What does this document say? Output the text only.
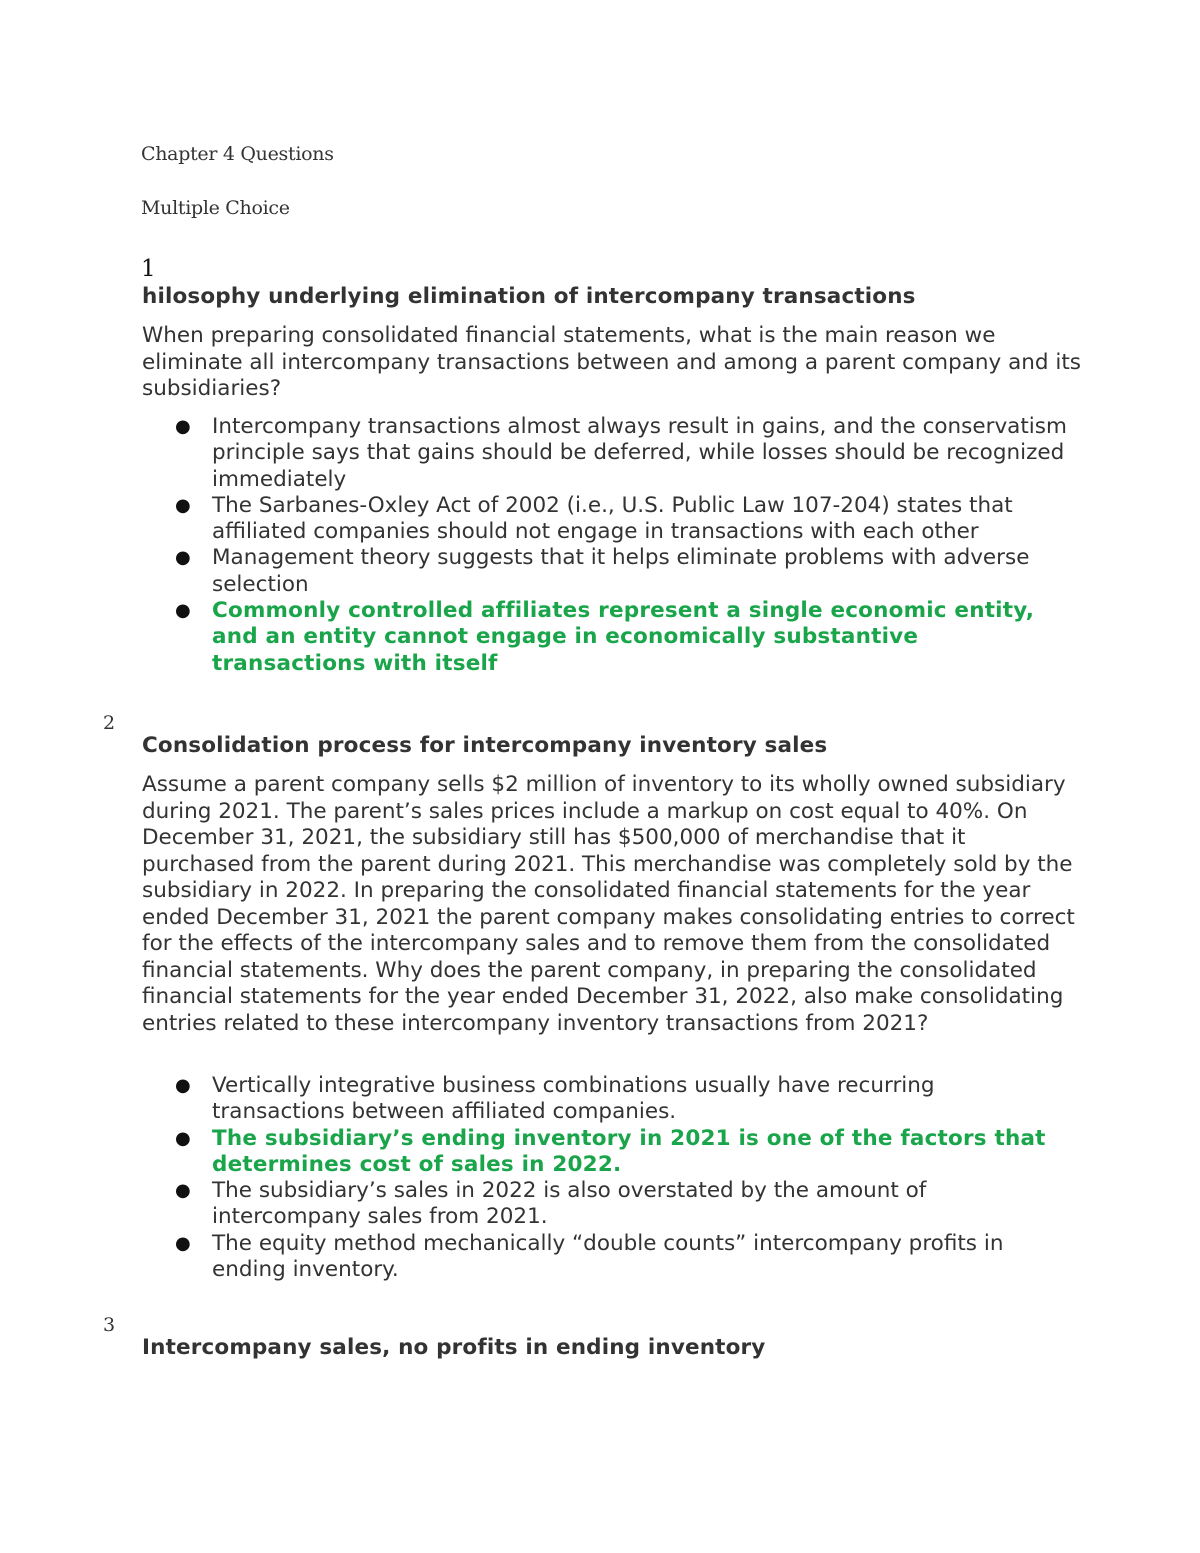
Chapter 4 Questions
Multiple Choice
1
hilosophy underlying elimination of intercompany transactions

When preparing consolidated financial statements, what is the main reason we eliminate all intercompany transactions between and among a parent company and its subsidiaries?

● Intercompany transactions almost always result in gains, and the conservatism principle says that gains should be deferred, while losses should be recognized immediately
● The Sarbanes-Oxley Act of 2002 (i.e., U.S. Public Law 107-204) states that affiliated companies should not engage in transactions with each other
● Management theory suggests that it helps eliminate problems with adverse selection
● Commonly controlled affiliates represent a single economic entity, and an entity cannot engage in economically substantive transactions with itself
2
Consolidation process for intercompany inventory sales

Assume a parent company sells $2 million of inventory to its wholly owned subsidiary during 2021. The parent’s sales prices include a markup on cost equal to 40%. On December 31, 2021, the subsidiary still has $500,000 of merchandise that it purchased from the parent during 2021. This merchandise was completely sold by the subsidiary in 2022. In preparing the consolidated financial statements for the year ended December 31, 2021 the parent company makes consolidating entries to correct for the effects of the intercompany sales and to remove them from the consolidated financial statements. Why does the parent company, in preparing the consolidated financial statements for the year ended December 31, 2022, also make consolidating entries related to these intercompany inventory transactions from 2021?

● Vertically integrative business combinations usually have recurring transactions between affiliated companies.
● The subsidiary’s ending inventory in 2021 is one of the factors that determines cost of sales in 2022.
● The subsidiary’s sales in 2022 is also overstated by the amount of intercompany sales from 2021.
● The equity method mechanically “double counts” intercompany profits in ending inventory.
3
Intercompany sales, no profits in ending inventory
